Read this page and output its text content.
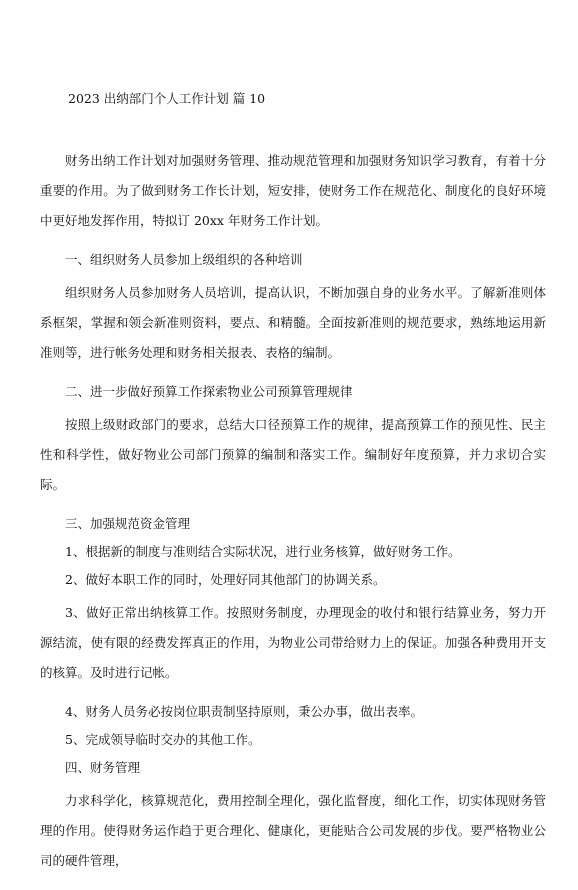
2023 出纳部门个人工作计划 篇 10

财务出纳工作计划对加强财务管理、推动规范管理和加强财务知识学习教育，有着十分重要的作用。为了做到财务工作长计划，短安排，使财务工作在规范化、制度化的良好环境中更好地发挥作用，特拟订 20xx 年财务工作计划。

一、组织财务人员参加上级组织的各种培训

组织财务人员参加财务人员培训，提高认识，不断加强自身的业务水平。了解新准则体系框架，掌握和领会新准则资料，要点、和精髓。全面按新准则的规范要求，熟练地运用新准则等，进行帐务处理和财务相关报表、表格的编制。

二、进一步做好预算工作探索物业公司预算管理规律

按照上级财政部门的要求，总结大口径预算工作的规律，提高预算工作的预见性、民主性和科学性，做好物业公司部门预算的编制和落实工作。编制好年度预算，并力求切合实际。

三、加强规范资金管理

1、根据新的制度与准则结合实际状况，进行业务核算，做好财务工作。

2、做好本职工作的同时，处理好同其他部门的协调关系。

3、做好正常出纳核算工作。按照财务制度，办理现金的收付和银行结算业务，努力开源结流，使有限的经费发挥真正的作用，为物业公司带给财力上的保证。加强各种费用开支的核算。及时进行记帐。

4、财务人员务必按岗位职责制坚持原则，秉公办事，做出表率。

5、完成领导临时交办的其他工作。

四、财务管理

力求科学化，核算规范化，费用控制全理化，强化监督度，细化工作，切实体现财务管理的作用。使得财务运作趋于更合理化、健康化，更能贴合公司发展的步伐。要严格物业公司的硬件管理，
